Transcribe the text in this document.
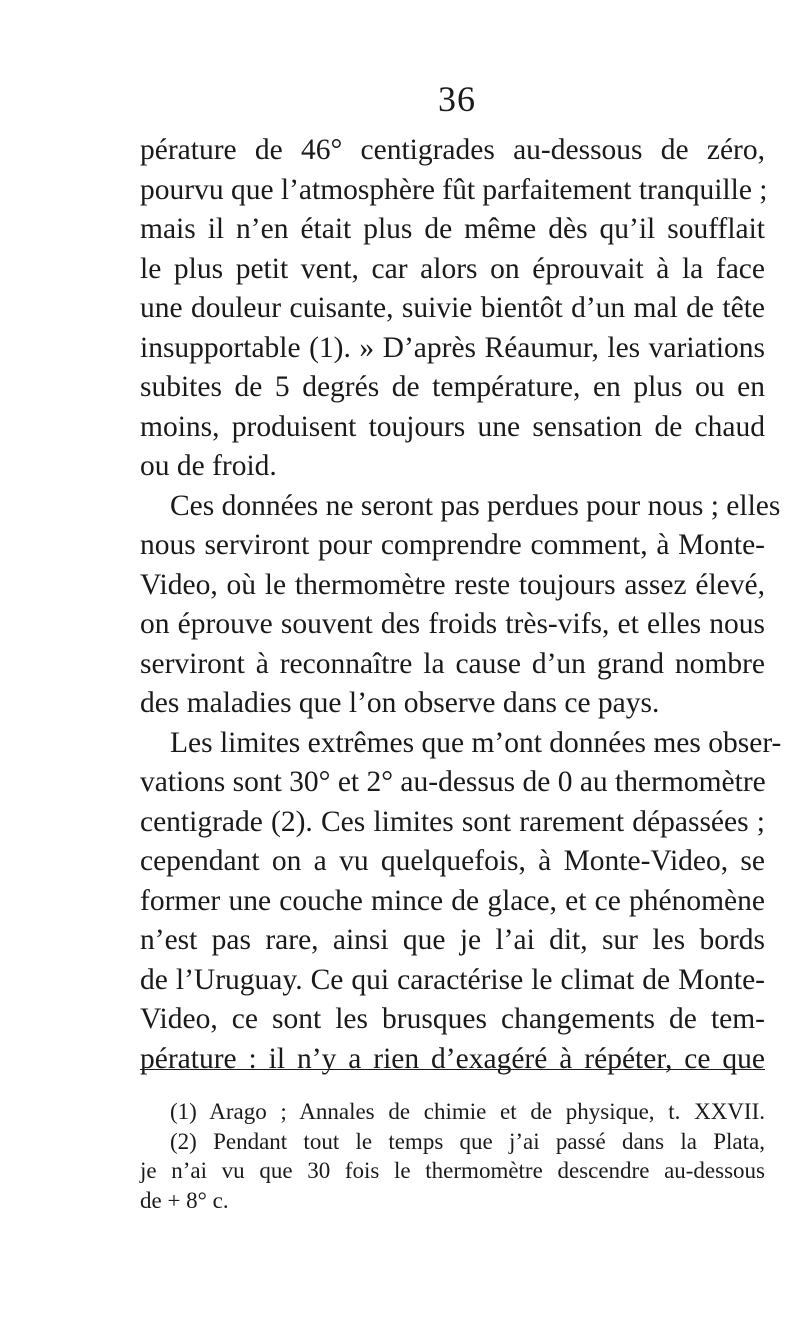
36
pérature de 46° centigrades au-dessous de zéro,
pourvu que l’atmosphère fût parfaitement tranquille ;
mais il n’en était plus de même dès qu’il soufflait
le plus petit vent, car alors on éprouvait à la face
une douleur cuisante, suivie bientôt d’un mal de tête
insupportable (1). » D’après Réaumur, les variations
subites de 5 degrés de température, en plus ou en
moins, produisent toujours une sensation de chaud
ou de froid.
Ces données ne seront pas perdues pour nous ; elles
nous serviront pour comprendre comment, à Monte-
Video, où le thermomètre reste toujours assez élevé,
on éprouve souvent des froids très-vifs, et elles nous
serviront à reconnaître la cause d’un grand nombre
des maladies que l’on observe dans ce pays.
Les limites extrêmes que m’ont données mes obser-
vations sont 30° et 2° au-dessus de 0 au thermomètre
centigrade (2). Ces limites sont rarement dépassées ;
cependant on a vu quelquefois, à Monte-Video, se
former une couche mince de glace, et ce phénomène
n’est pas rare, ainsi que je l’ai dit, sur les bords
de l’Uruguay. Ce qui caractérise le climat de Monte-
Video, ce sont les brusques changements de tem-
pérature : il n’y a rien d’exagéré à répéter, ce que
(1) Arago ; Annales de chimie et de physique, t. XXVII.
(2) Pendant tout le temps que j’ai passé dans la Plata,
je n’ai vu que 30 fois le thermomètre descendre au-dessous
de + 8° c.
